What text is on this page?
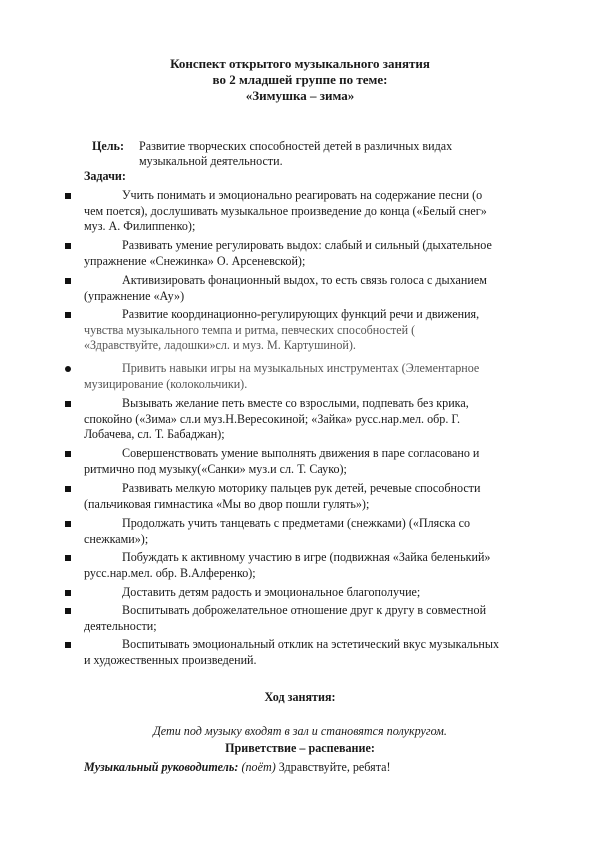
Конспект открытого музыкального занятия
во 2 младшей группе по теме:
«Зимушка – зима»
Цель: Развитие творческих способностей детей в различных видах
музыкальной деятельности.
Задачи:
Учить понимать и эмоционально реагировать на содержание песни (о
чем поется), дослушивать музыкальное произведение до конца («Белый снег»
муз. А. Филиппенко);
Развивать умение регулировать выдох: слабый и сильный (дыхательное
упражнение «Снежинка» О. Арсеневской);
Активизировать фонационный выдох, то есть связь голоса с дыханием
(упражнение «Ау»)
Развитие координационно-регулирующих функций речи и движения,
чувства музыкального темпа и ритма, певческих способностей (
«Здравствуйте, ладошки»сл. и муз. М. Картушиной).
Привить навыки игры на музыкальных инструментах (Элементарное
музицирование (колокольчики).
Вызывать желание петь вместе со взрослыми, подпевать без крика,
спокойно («Зима» сл.и муз.Н.Вересокиной; «Зайка» русс.нар.мел. обр. Г.
Лобачева, сл. Т. Бабаджан);
Совершенствовать умение выполнять движения в паре согласовано и
ритмично под музыку(«Санки» муз.и сл. Т. Сауко);
Развивать мелкую моторику пальцев рук детей, речевые способности
(пальчиковая гимнастика «Мы во двор пошли гулять»);
Продолжать учить танцевать с предметами (снежками) («Пляска со
снежками»);
Побуждать к активному участию в игре (подвижная «Зайка беленький»
русс.нар.мел. обр. В.Алференко);
Доставить детям радость и эмоциональное благополучие;
Воспитывать доброжелательное отношение друг к другу в совместной
деятельности;
Воспитывать эмоциональный отклик на эстетический вкус музыкальных
и художественных произведений.
Ход занятия:
Дети под музыку входят в зал и становятся полукругом.
Приветствие – распевание:
Музыкальный руководитель: (поёт) Здравствуйте, ребята!
